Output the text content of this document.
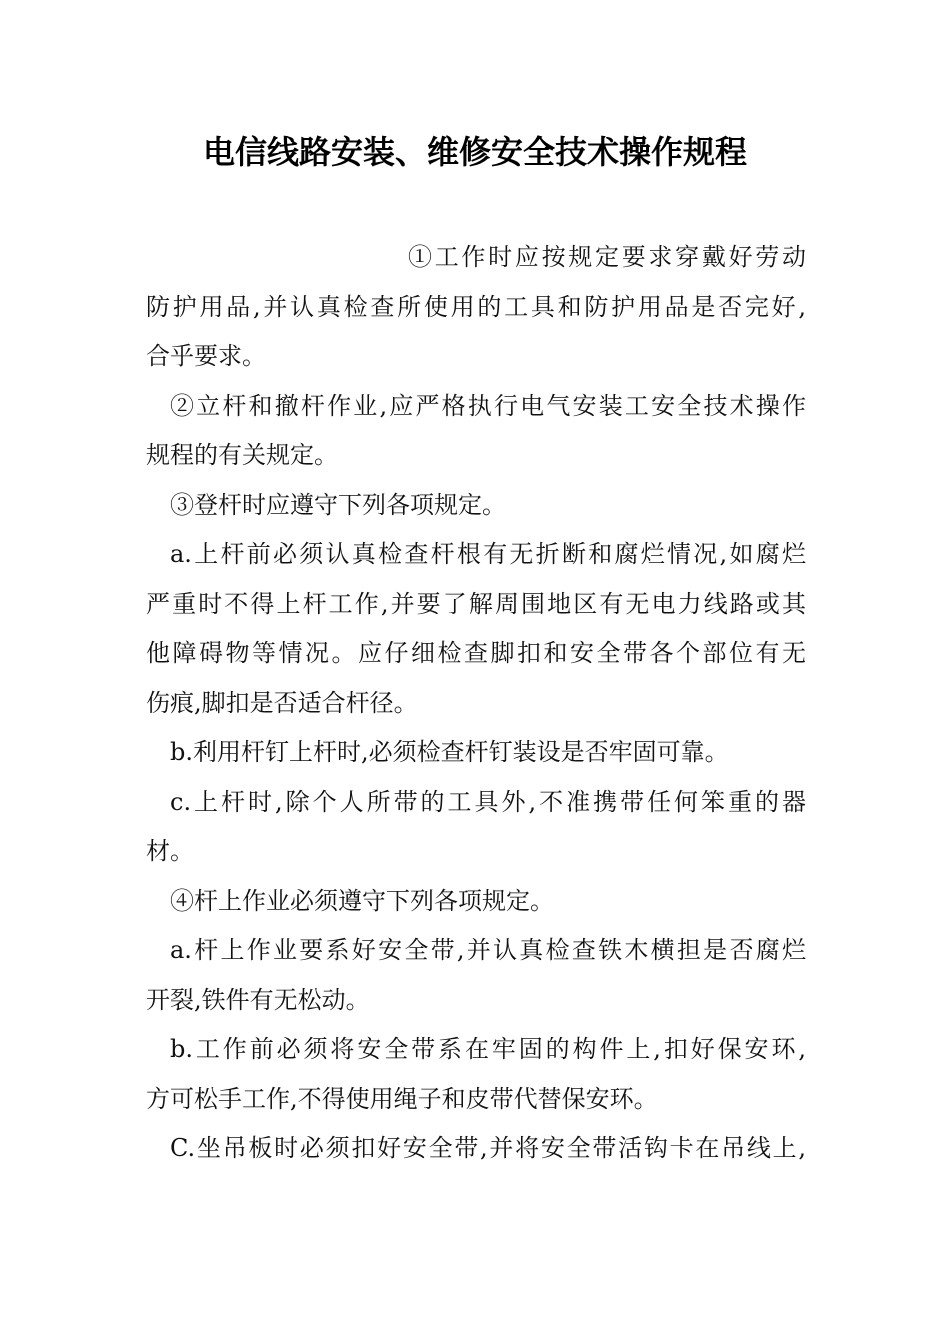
电信线路安装、维修安全技术操作规程
①工作时应按规定要求穿戴好劳动
防护用品,并认真检查所使用的工具和防护用品是否完好,
合乎要求。
②立杆和撤杆作业,应严格执行电气安装工安全技术操作
规程的有关规定。
③登杆时应遵守下列各项规定。
a.上杆前必须认真检查杆根有无折断和腐烂情况,如腐烂
严重时不得上杆工作,并要了解周围地区有无电力线路或其
他障碍物等情况。应仔细检查脚扣和安全带各个部位有无
伤痕,脚扣是否适合杆径。
b.利用杆钉上杆时,必须检查杆钉装设是否牢固可靠。
c.上杆时,除个人所带的工具外,不准携带任何笨重的器
材。
④杆上作业必须遵守下列各项规定。
a.杆上作业要系好安全带,并认真检查铁木横担是否腐烂
开裂,铁件有无松动。
b.工作前必须将安全带系在牢固的构件上,扣好保安环,
方可松手工作,不得使用绳子和皮带代替保安环。
C.坐吊板时必须扣好安全带,并将安全带活钩卡在吊线上,
